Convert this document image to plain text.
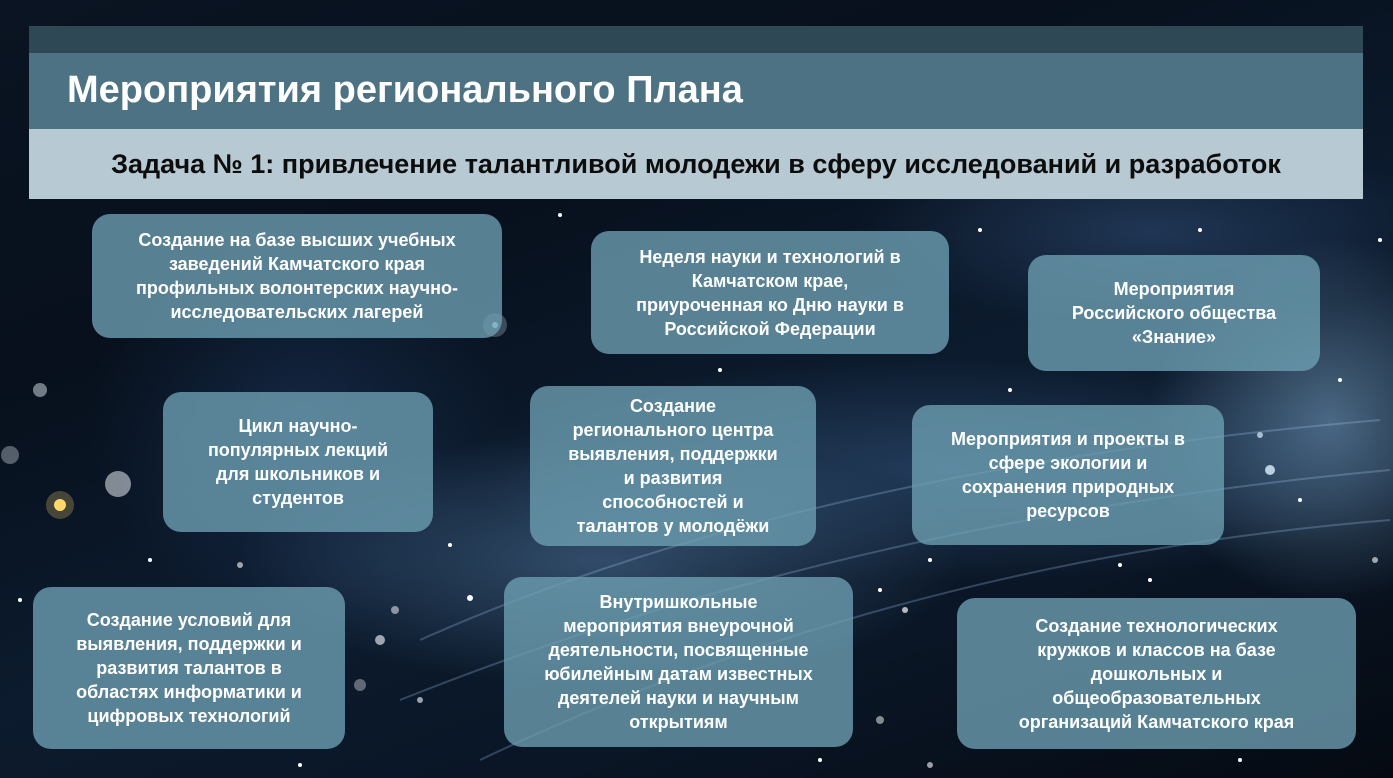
Мероприятия регионального Плана
Задача № 1: привлечение талантливой молодежи в сферу исследований и разработок

Создание на базе высших учебных
заведений Камчатского края
профильных волонтерских научно-
исследовательских лагерей

Неделя науки и технологий в
Камчатском крае,
приуроченная ко Дню науки в
Российской Федерации

Мероприятия
Российского общества
«Знание»

Цикл научно-
популярных лекций
для школьников и
студентов

Создание
регионального центра
выявления, поддержки
и развития
способностей и
талантов у молодёжи

Мероприятия и проекты в
сфере экологии и
сохранения природных
ресурсов

Создание условий для
выявления, поддержки и
развития талантов в
областях информатики и
цифровых технологий

Внутришкольные
мероприятия внеурочной
деятельности, посвященные
юбилейным датам известных
деятелей науки и научным
открытиям

Создание технологических
кружков и классов на базе
дошкольных и
общеобразовательных
организаций Камчатского края
